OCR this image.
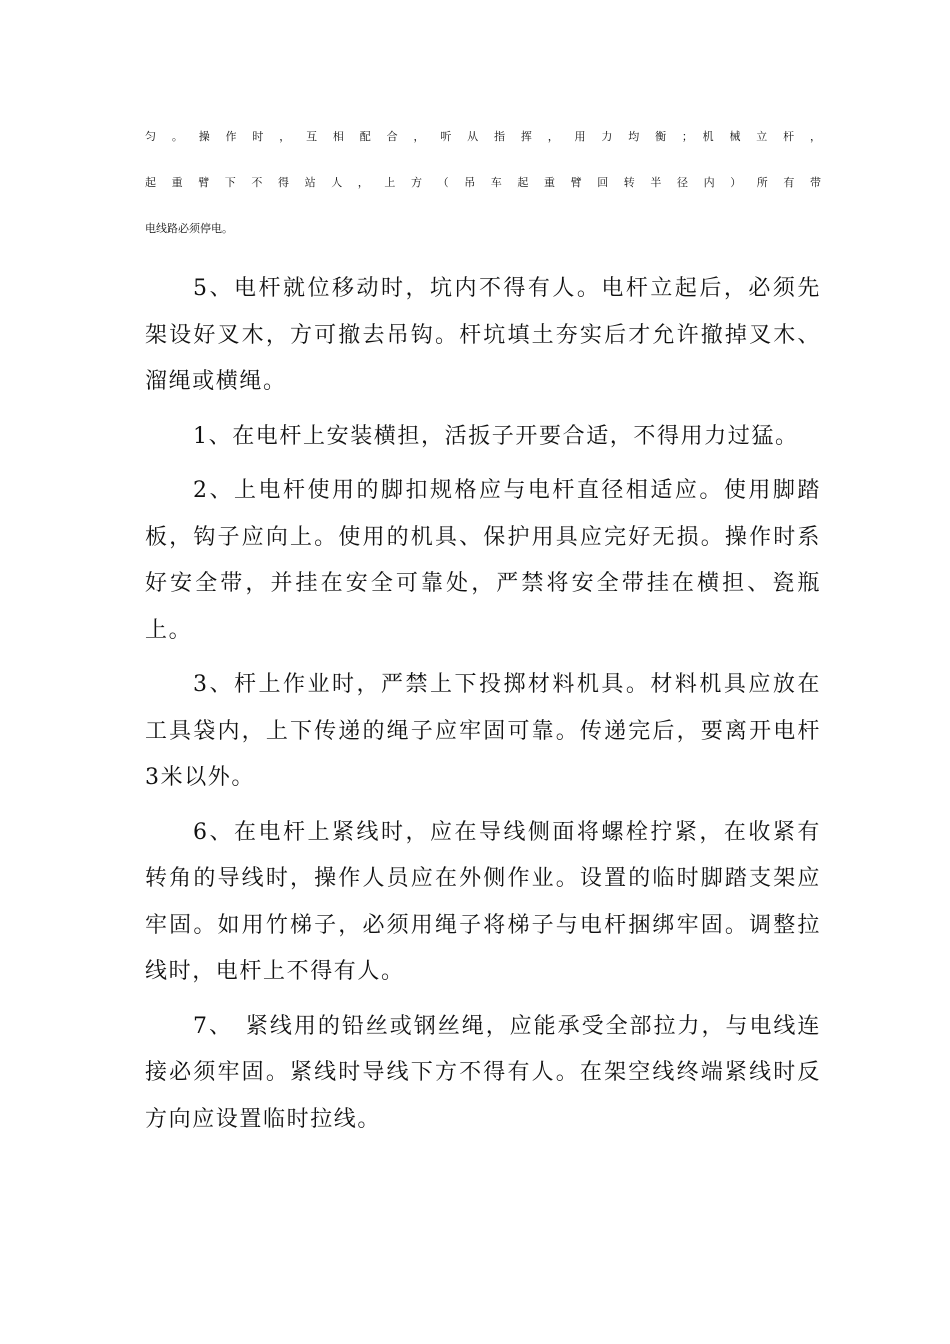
匀 。 操 作 时 ， 互 相 配 合 ， 听 从 指 挥 ， 用 力 均 衡 ； 机 械 立 杆 ，
起 重 臂 下 不 得 站 人 ， 上 方 （ 吊 车 起 重 臂 回 转 半 径 内 ） 所 有 带
电线路必须停电。

5、电杆就位移动时，坑内不得有人。电杆立起后，必须先架设好叉木，方可撤去吊钩。杆坑填土夯实后才允许撤掉叉木、溜绳或横绳。

1、在电杆上安装横担，活扳子开要合适，不得用力过猛。

2、上电杆使用的脚扣规格应与电杆直径相适应。使用脚踏板，钩子应向上。使用的机具、保护用具应完好无损。操作时系好安全带，并挂在安全可靠处，严禁将安全带挂在横担、瓷瓶上。

3、杆上作业时，严禁上下投掷材料机具。材料机具应放在工具袋内，上下传递的绳子应牢固可靠。传递完后，要离开电杆3米以外。

6、在电杆上紧线时，应在导线侧面将螺栓拧紧，在收紧有转角的导线时，操作人员应在外侧作业。设置的临时脚踏支架应牢固。如用竹梯子，必须用绳子将梯子与电杆捆绑牢固。调整拉线时，电杆上不得有人。

7、　紧线用的铅丝或钢丝绳，应能承受全部拉力，与电线连接必须牢固。紧线时导线下方不得有人。在架空线终端紧线时反方向应设置临时拉线。
